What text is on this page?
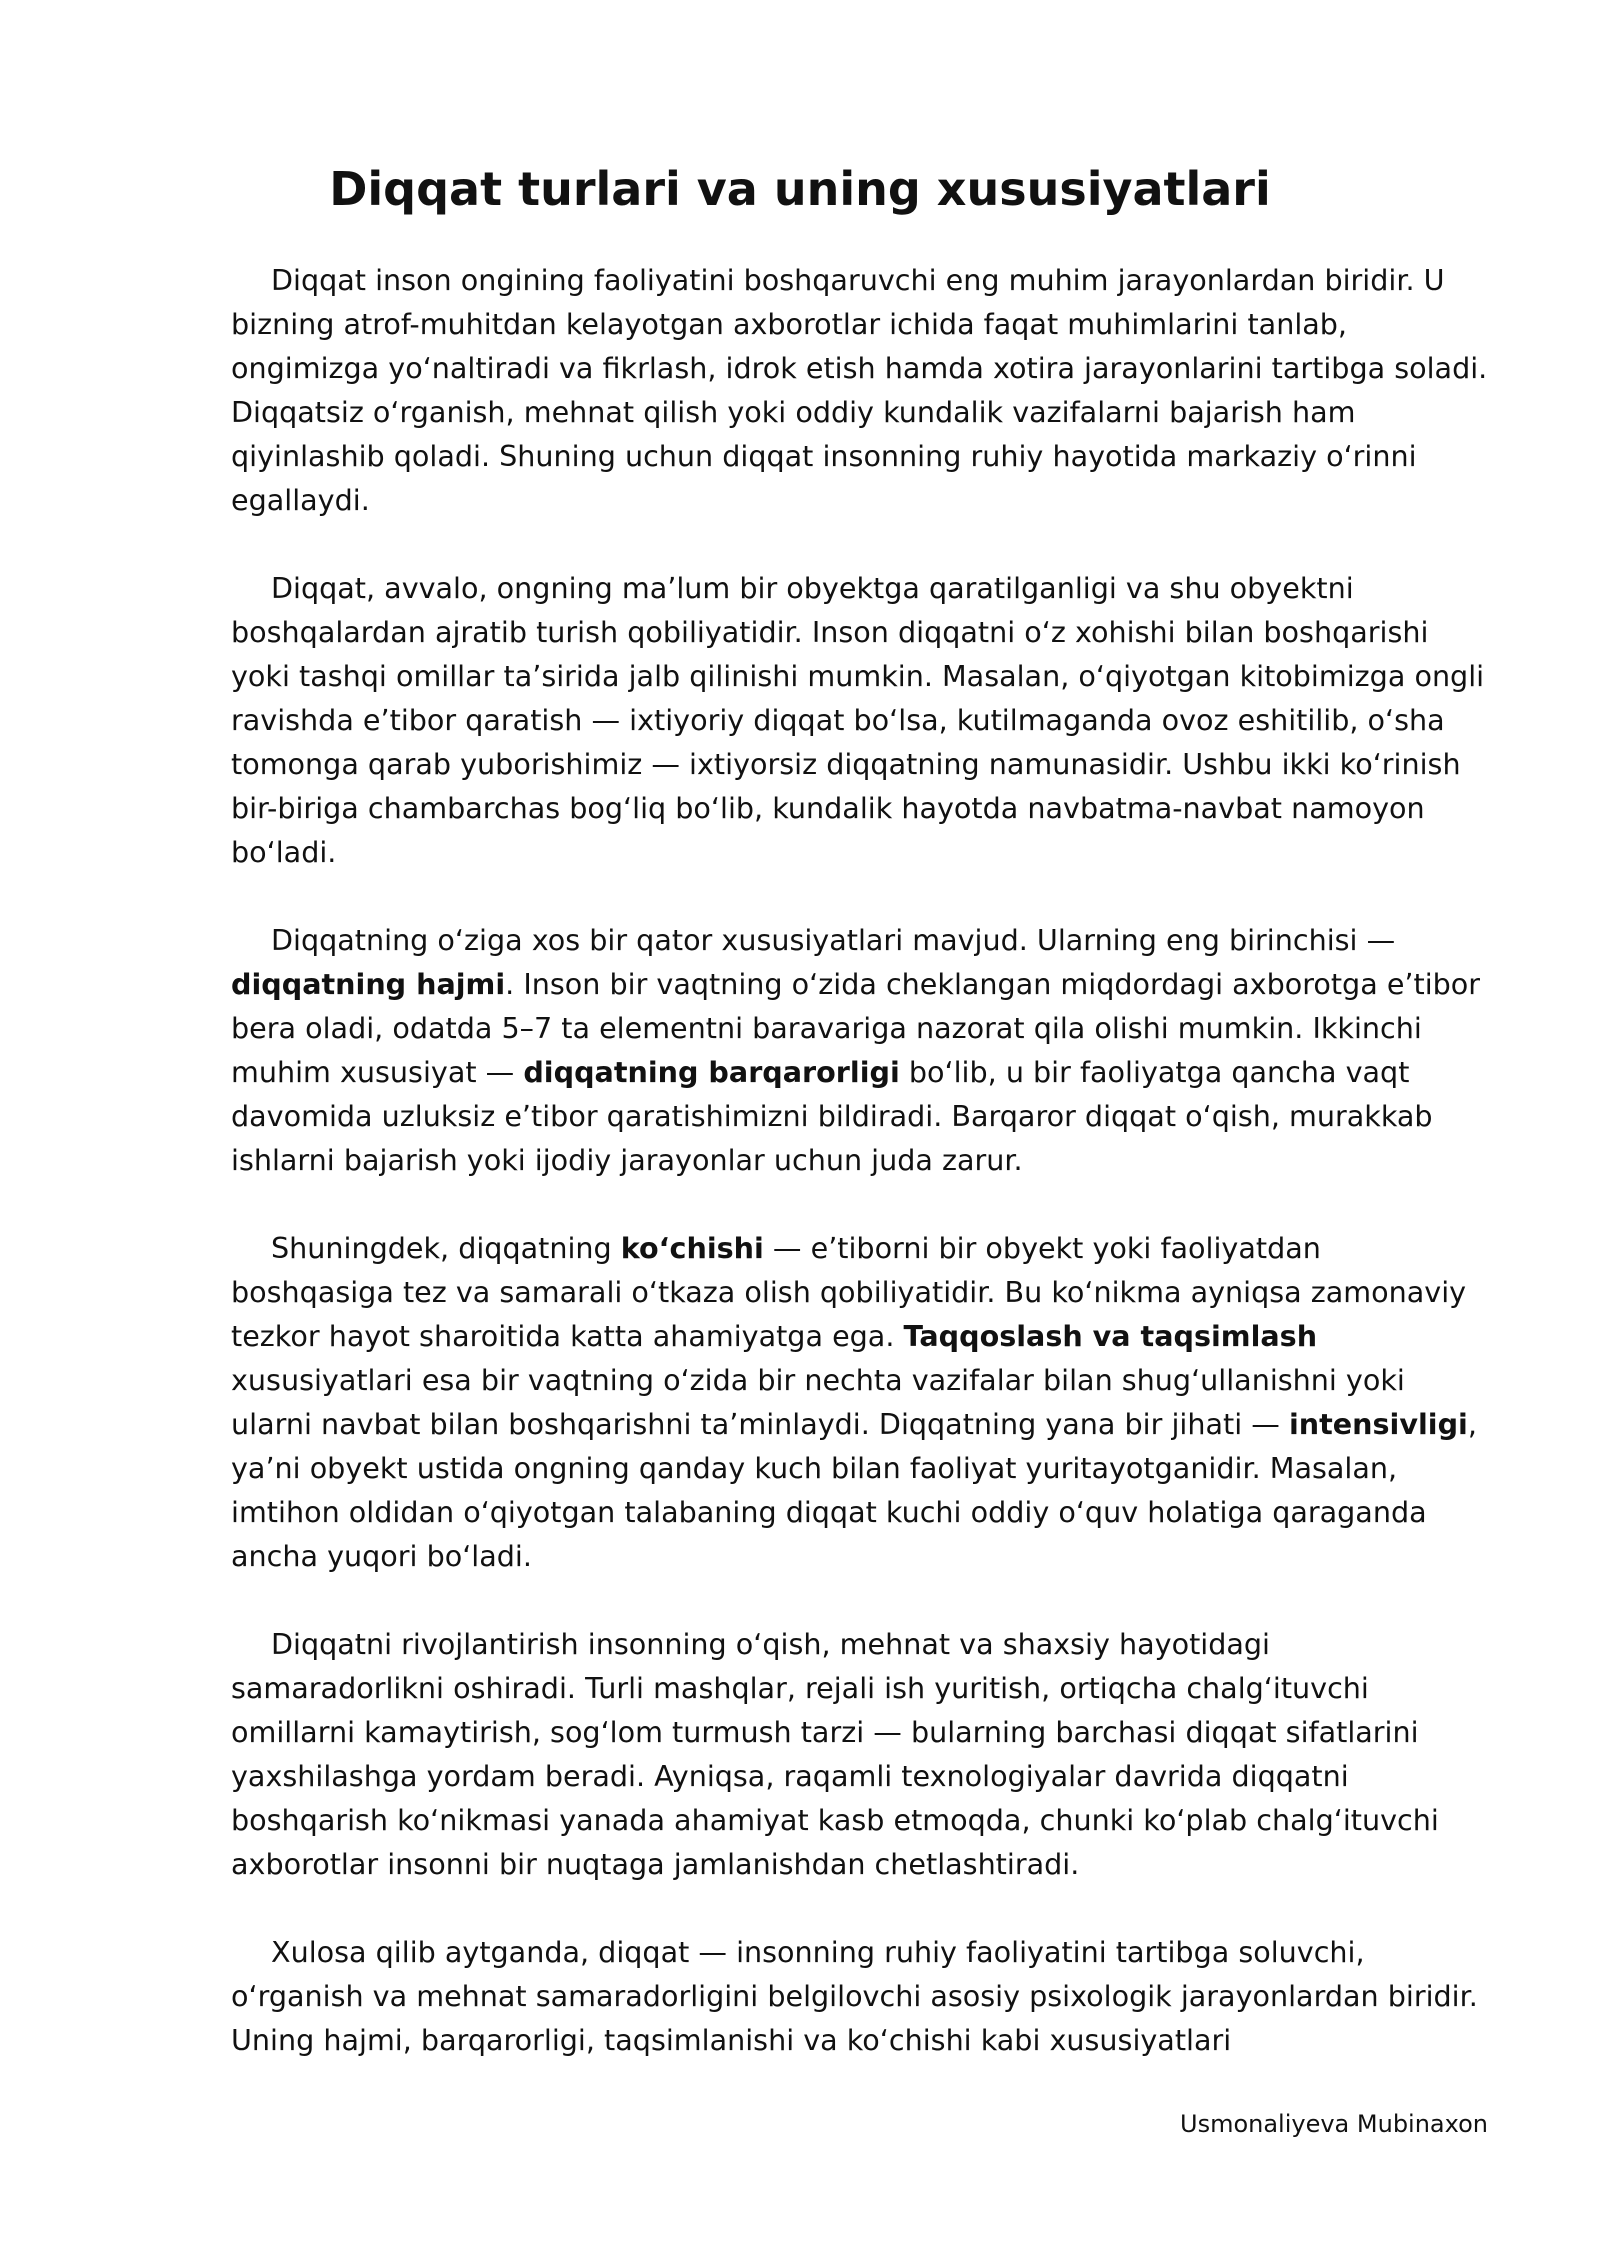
Diqqat turlari va uning xususiyatlari

Diqqat inson ongining faoliyatini boshqaruvchi eng muhim jarayonlardan biridir. U bizning atrof-muhitdan kelayotgan axborotlar ichida faqat muhimlarini tanlab, ongimizga yoʻnaltiradi va fikrlash, idrok etish hamda xotira jarayonlarini tartibga soladi. Diqqatsiz oʻrganish, mehnat qilish yoki oddiy kundalik vazifalarni bajarish ham qiyinlashib qoladi. Shuning uchun diqqat insonning ruhiy hayotida markaziy oʻrinni egallaydi.

Diqqat, avvalo, ongning maʼlum bir obyektga qaratilganligi va shu obyektni boshqalardan ajratib turish qobiliyatidir. Inson diqqatni oʻz xohishi bilan boshqarishi yoki tashqi omillar taʼsirida jalb qilinishi mumkin. Masalan, oʻqiyotgan kitobimizga ongli ravishda eʼtibor qaratish — ixtiyoriy diqqat boʻlsa, kutilmaganda ovoz eshitilib, oʻsha tomonga qarab yuborishimiz — ixtiyorsiz diqqatning namunasidir. Ushbu ikki koʻrinish bir-biriga chambarchas bogʻliq boʻlib, kundalik hayotda navbatma-navbat namoyon boʻladi.

Diqqatning oʻziga xos bir qator xususiyatlari mavjud. Ularning eng birinchisi — diqqatning hajmi. Inson bir vaqtning oʻzida cheklangan miqdordagi axborotga eʼtibor bera oladi, odatda 5–7 ta elementni baravariga nazorat qila olishi mumkin. Ikkinchi muhim xususiyat — diqqatning barqarorligi boʻlib, u bir faoliyatga qancha vaqt davomida uzluksiz eʼtibor qaratishimizni bildiradi. Barqaror diqqat oʻqish, murakkab ishlarni bajarish yoki ijodiy jarayonlar uchun juda zarur.

Shuningdek, diqqatning koʻchishi — eʼtiborni bir obyekt yoki faoliyatdan boshqasiga tez va samarali oʻtkaza olish qobiliyatidir. Bu koʻnikma ayniqsa zamonaviy tezkor hayot sharoitida katta ahamiyatga ega. Taqqoslash va taqsimlash xususiyatlari esa bir vaqtning oʻzida bir nechta vazifalar bilan shugʻullanishni yoki ularni navbat bilan boshqarishni taʼminlaydi. Diqqatning yana bir jihati — intensivligi, yaʼni obyekt ustida ongning qanday kuch bilan faoliyat yuritayotganidir. Masalan, imtihon oldidan oʻqiyotgan talabaning diqqat kuchi oddiy oʻquv holatiga qaraganda ancha yuqori boʻladi.

Diqqatni rivojlantirish insonning oʻqish, mehnat va shaxsiy hayotidagi samaradorlikni oshiradi. Turli mashqlar, rejali ish yuritish, ortiqcha chalgʻituvchi omillarni kamaytirish, sogʻlom turmush tarzi — bularning barchasi diqqat sifatlarini yaxshilashga yordam beradi. Ayniqsa, raqamli texnologiyalar davrida diqqatni boshqarish koʻnikmasi yanada ahamiyat kasb etmoqda, chunki koʻplab chalgʻituvchi axborotlar insonni bir nuqtaga jamlanishdan chetlashtiradi.

Xulosa qilib aytganda, diqqat — insonning ruhiy faoliyatini tartibga soluvchi, oʻrganish va mehnat samaradorligini belgilovchi asosiy psixologik jarayonlardan biridir. Uning hajmi, barqarorligi, taqsimlanishi va koʻchishi kabi xususiyatlari

Usmonaliyeva Mubinaxon
